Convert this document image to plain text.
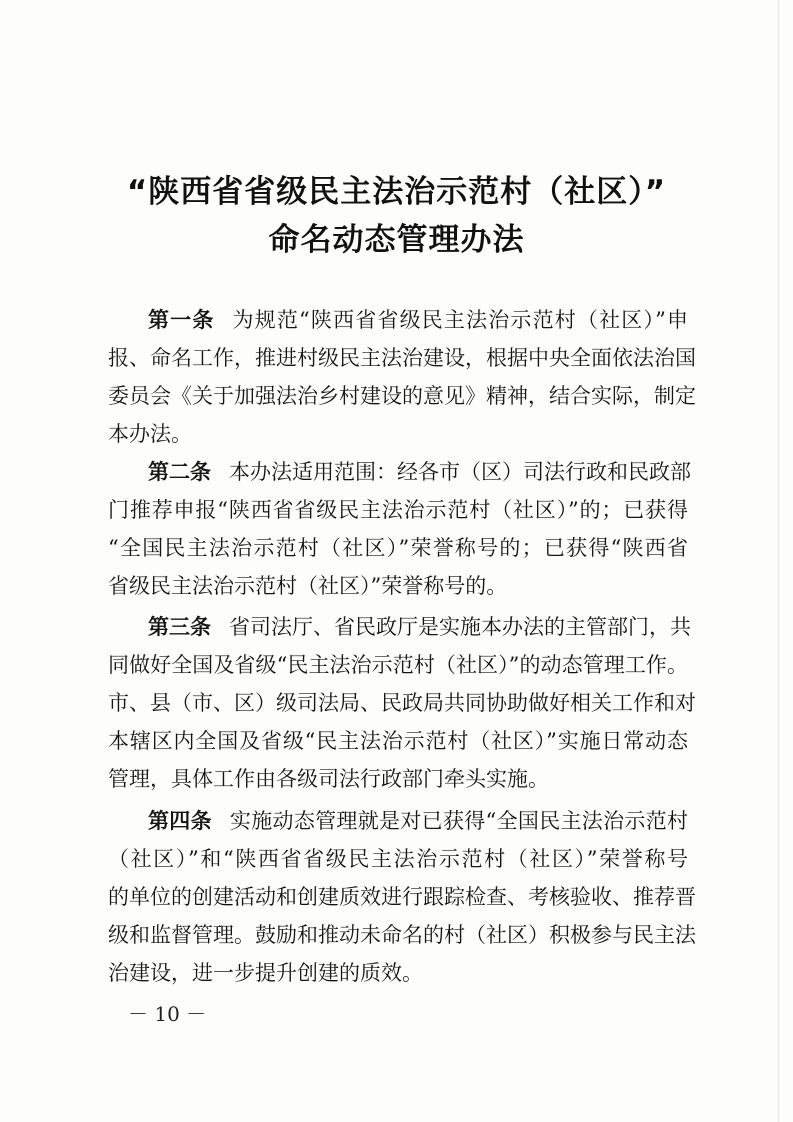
“陕西省省级民主法治示范村（社区）”
命名动态管理办法
第一条 为规范“陕西省省级民主法治示范村（社区）”申
报、命名工作，推进村级民主法治建设，根据中央全面依法治国
委员会《关于加强法治乡村建设的意见》精神，结合实际，制定
本办法。
第二条 本办法适用范围：经各市（区）司法行政和民政部
门推荐申报“陕西省省级民主法治示范村（社区）”的；已获得
“全国民主法治示范村（社区）”荣誉称号的；已获得“陕西省
省级民主法治示范村（社区）”荣誉称号的。
第三条 省司法厅、省民政厅是实施本办法的主管部门，共
同做好全国及省级“民主法治示范村（社区）”的动态管理工作。
市、县（市、区）级司法局、民政局共同协助做好相关工作和对
本辖区内全国及省级“民主法治示范村（社区）”实施日常动态
管理，具体工作由各级司法行政部门牵头实施。
第四条 实施动态管理就是对已获得“全国民主法治示范村
（社区）”和“陕西省省级民主法治示范村（社区）”荣誉称号
的单位的创建活动和创建质效进行跟踪检查、考核验收、推荐晋
级和监督管理。鼓励和推动未命名的村（社区）积极参与民主法
治建设，进一步提升创建的质效。
－ 10 －
